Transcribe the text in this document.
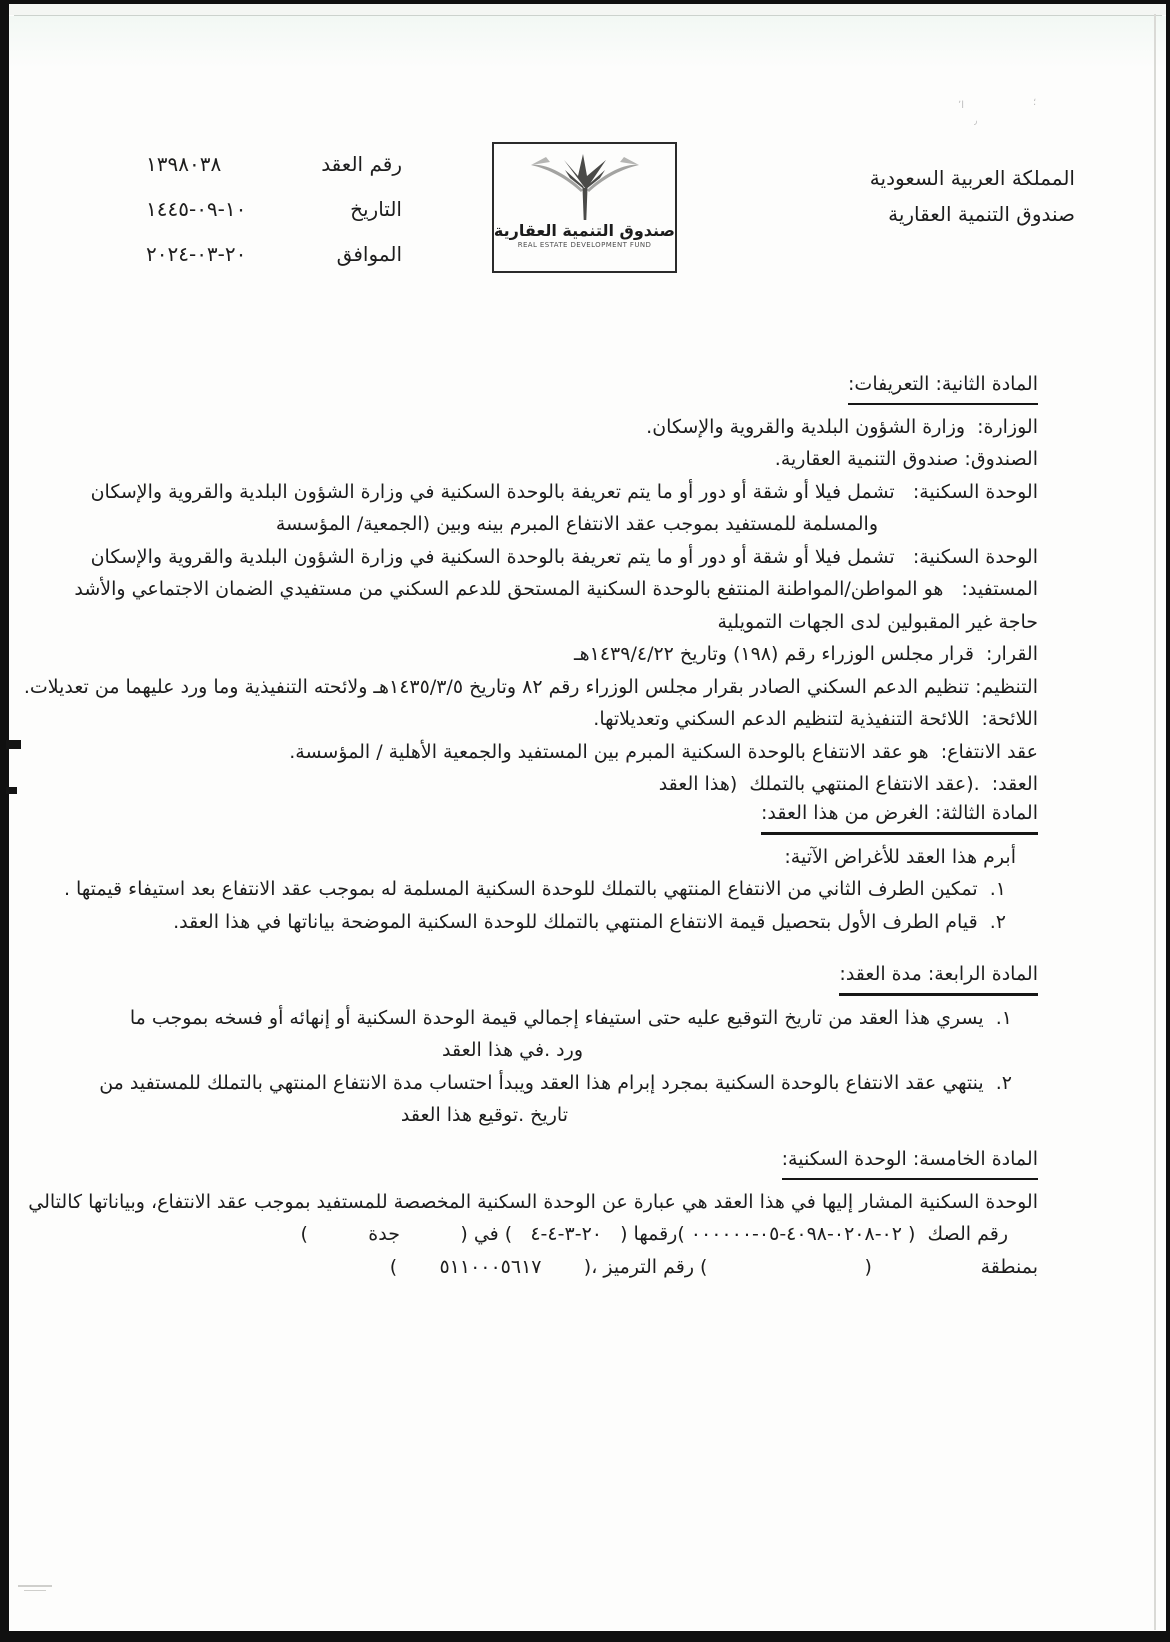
ا٬	؛
٫
المملكة العربية السعودية
صندوق التنمية العقارية
صندوق التنمية العقارية
REAL ESTATE DEVELOPMENT FUND
رقم العقد
١٣٩٨٠٣٨
التاريخ
١٠-٠٩-١٤٤٥
الموافق
٢٠-٠٣-٢٠٢٤
المادة الثانية: التعريفات:

الوزارة:  وزارة الشؤون البلدية والقروية والإسكان.

الصندوق: صندوق التنمية العقارية.

الوحدة السكنية:   تشمل فيلا أو شقة أو دور أو ما يتم تعريفة بالوحدة السكنية في وزارة الشؤون البلدية والقروية والإسكان

والمسلمة للمستفيد بموجب عقد الانتفاع المبرم بينه وبين (الجمعية/ المؤسسة

الوحدة السكنية:   تشمل فيلا أو شقة أو دور أو ما يتم تعريفة بالوحدة السكنية في وزارة الشؤون البلدية والقروية والإسكان

المستفيد:   هو المواطن/المواطنة المنتفع بالوحدة السكنية المستحق للدعم السكني من مستفيدي الضمان الاجتماعي والأشد

حاجة غير المقبولين لدى الجهات التمويلية

القرار:  قرار مجلس الوزراء رقم (١٩٨) وتاريخ ١٤٣٩/٤/٢٢هـ

التنظيم: تنظيم الدعم السكني الصادر بقرار مجلس الوزراء رقم ٨٢ وتاريخ ١٤٣٥/٣/٥هـ ولائحته التنفيذية وما ورد عليهما من تعديلات.

اللائحة:  اللائحة التنفيذية لتنظيم الدعم السكني وتعديلاتها.

عقد الانتفاع:  هو عقد الانتفاع بالوحدة السكنية المبرم بين المستفيد والجمعية الأهلية / المؤسسة.

العقد:  .(عقد الانتفاع المنتهي بالتملك  (هذا العقد

المادة الثالثة: الغرض من هذا العقد:

أبرم هذا العقد للأغراض الآتية:

١.  تمكين الطرف الثاني من الانتفاع المنتهي بالتملك للوحدة السكنية المسلمة له بموجب عقد الانتفاع بعد استيفاء قيمتها .

٢.  قيام الطرف الأول بتحصيل قيمة الانتفاع المنتهي بالتملك للوحدة السكنية الموضحة بياناتها في هذا العقد.

المادة الرابعة: مدة العقد:

١.  يسري هذا العقد من تاريخ التوقيع عليه حتى استيفاء إجمالي قيمة الوحدة السكنية أو إنهائه أو فسخه بموجب ما

ورد .في هذا العقد

٢.  ينتهي عقد الانتفاع بالوحدة السكنية بمجرد إبرام هذا العقد ويبدأ احتساب مدة الانتفاع المنتهي بالتملك للمستفيد من

تاريخ .توقيع هذا العقد

المادة الخامسة: الوحدة السكنية:

الوحدة السكنية المشار إليها في هذا العقد هي عبارة عن الوحدة السكنية المخصصة للمستفيد بموجب عقد الانتفاع، وبياناتها كالتالي

رقم الصك  ( ⁦٠٢-٠٢٠٨-٤٠٩٨-٠٥-٠٠٠٠٠٠⁩ )رقمها (   ⁦٢٠-٣-٤-٤⁩   ) في (          جدة          )

بمنطقة                  (                          ) رقم الترميز ،(       ⁦٥١١٠٠٠٥٦١٧⁩       )
